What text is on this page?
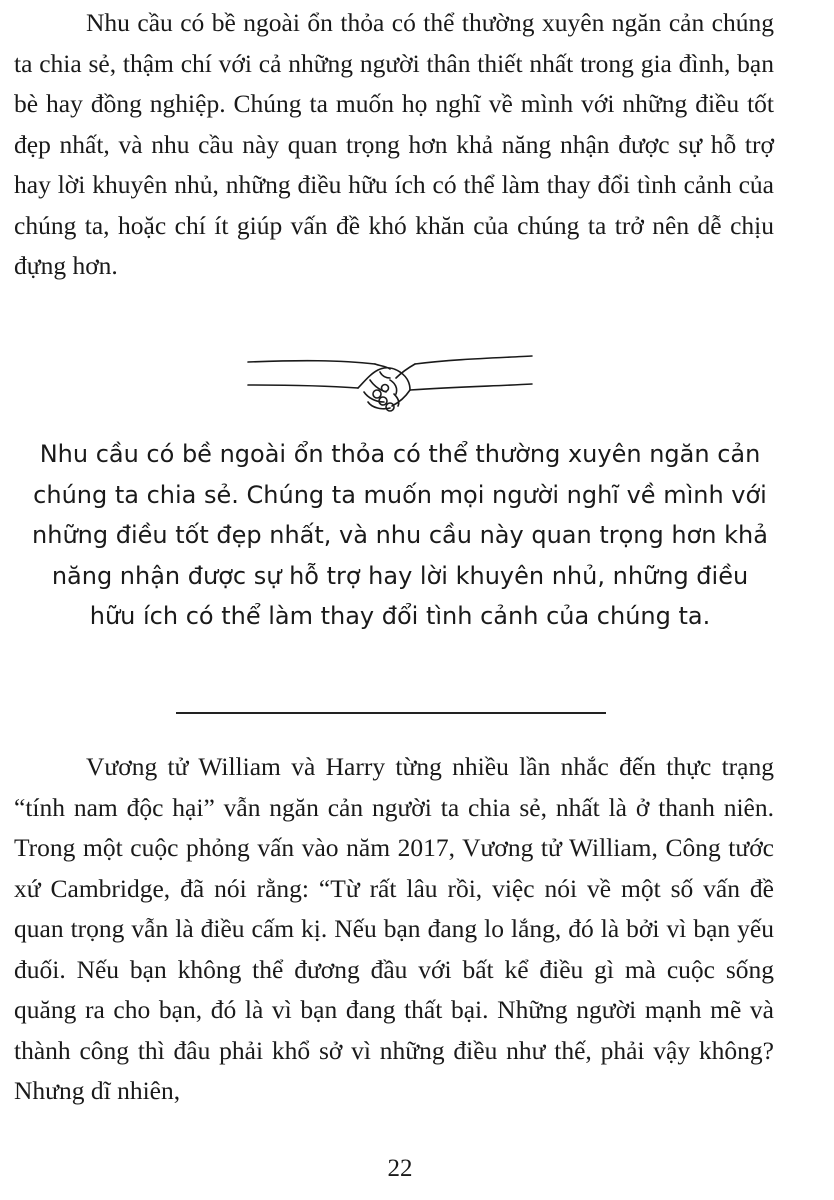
Nhu cầu có bề ngoài ổn thỏa có thể thường xuyên ngăn cản chúng ta chia sẻ, thậm chí với cả những người thân thiết nhất trong gia đình, bạn bè hay đồng nghiệp. Chúng ta muốn họ nghĩ về mình với những điều tốt đẹp nhất, và nhu cầu này quan trọng hơn khả năng nhận được sự hỗ trợ hay lời khuyên nhủ, những điều hữu ích có thể làm thay đổi tình cảnh của chúng ta, hoặc chí ít giúp vấn đề khó khăn của chúng ta trở nên dễ chịu đựng hơn.

Nhu cầu có bề ngoài ổn thỏa có thể thường xuyên ngăn cản chúng ta chia sẻ. Chúng ta muốn mọi người nghĩ về mình với những điều tốt đẹp nhất, và nhu cầu này quan trọng hơn khả năng nhận được sự hỗ trợ hay lời khuyên nhủ, những điều hữu ích có thể làm thay đổi tình cảnh của chúng ta.

Vương tử William và Harry từng nhiều lần nhắc đến thực trạng “tính nam độc hại” vẫn ngăn cản người ta chia sẻ, nhất là ở thanh niên. Trong một cuộc phỏng vấn vào năm 2017, Vương tử William, Công tước xứ Cambridge, đã nói rằng: “Từ rất lâu rồi, việc nói về một số vấn đề quan trọng vẫn là điều cấm kị. Nếu bạn đang lo lắng, đó là bởi vì bạn yếu đuối. Nếu bạn không thể đương đầu với bất kể điều gì mà cuộc sống quăng ra cho bạn, đó là vì bạn đang thất bại. Những người mạnh mẽ và thành công thì đâu phải khổ sở vì những điều như thế, phải vậy không? Nhưng dĩ nhiên,

22
